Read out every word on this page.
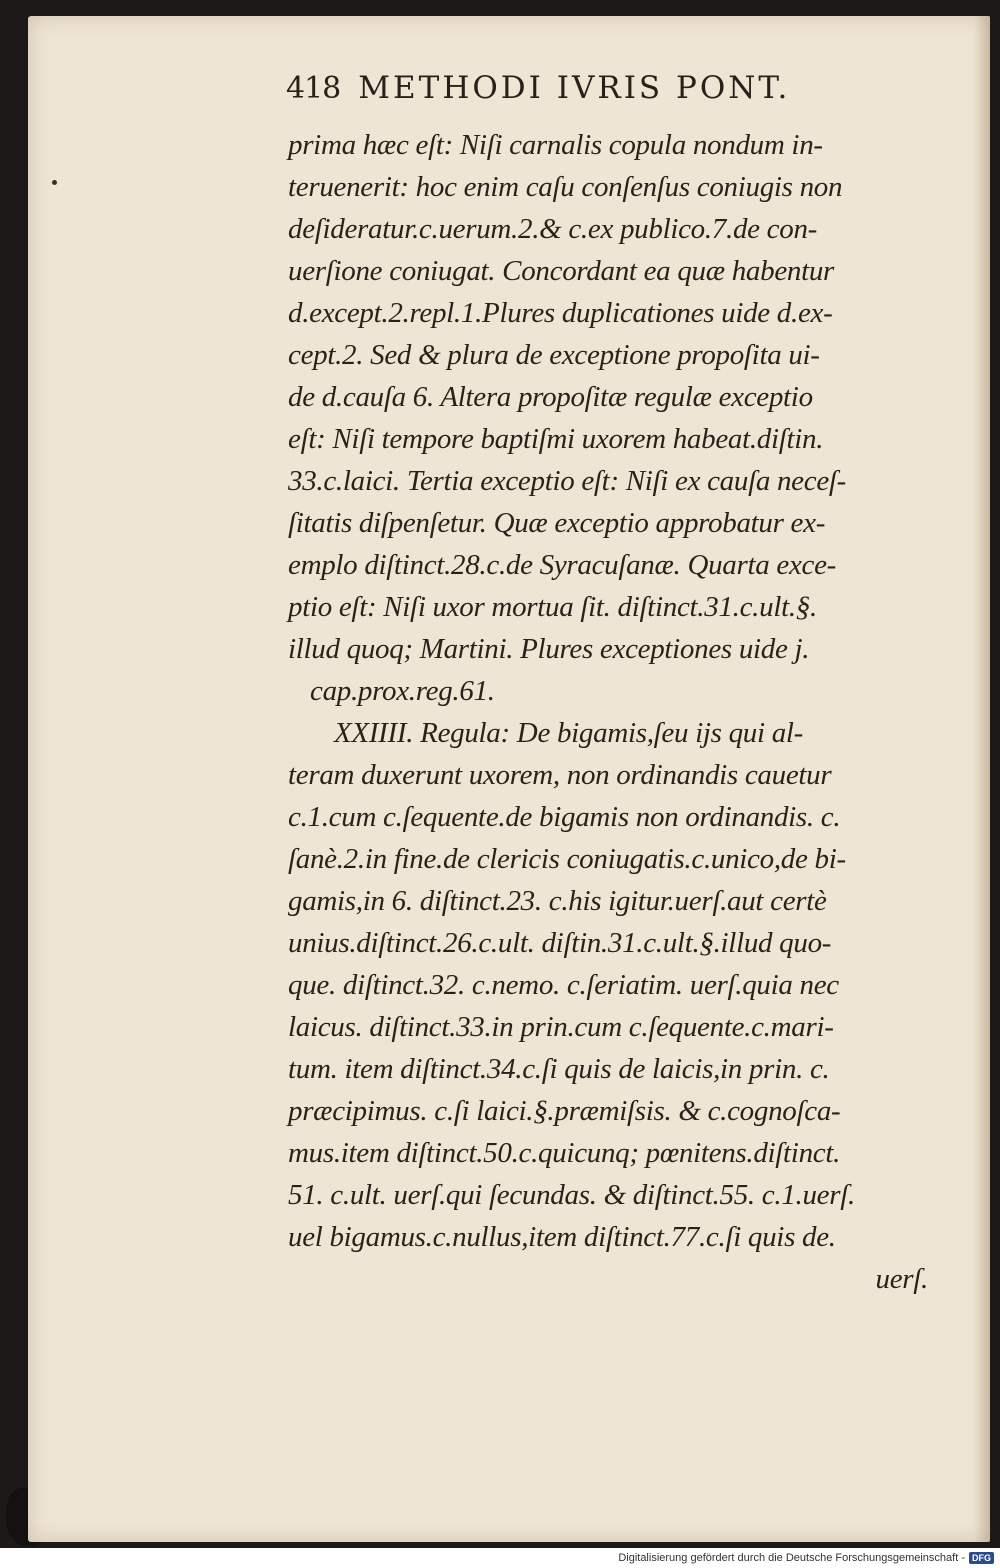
418 METHODI IVRIS PONT.
prima hæc eſt: Niſi carnalis copula nondum in-
teruenerit: hoc enim caſu conſenſus coniugis non
deſideratur.c.uerum.2.& c.ex publico.7.de con-
uerſione coniugat. Concordant ea quæ habentur
d.except.2.repl.1.Plures duplicationes uide d.ex-
cept.2. Sed & plura de exceptione propoſita ui-
de d.cauſa 6. Altera propoſitæ regulæ exceptio
eſt: Niſi tempore baptiſmi uxorem habeat.diſtin.
33.c.laici. Tertia exceptio eſt: Niſi ex cauſa neceſ-
ſitatis diſpenſetur. Quæ exceptio approbatur ex-
emplo diſtinct.28.c.de Syracuſanæ. Quarta exce-
ptio eſt: Niſi uxor mortua ſit. diſtinct.31.c.ult.§.
illud quoq; Martini. Plures exceptiones uide j.
cap.prox.reg.61.
XXIIII. Regula: De bigamis,ſeu ijs qui al-
teram duxerunt uxorem, non ordinandis cauetur
c.1.cum c.ſequente.de bigamis non ordinandis. c.
ſanè.2.in fine.de clericis coniugatis.c.unico,de bi-
gamis,in 6. diſtinct.23. c.his igitur.uerſ.aut certè
unius.diſtinct.26.c.ult. diſtin.31.c.ult.§.illud quo-
que. diſtinct.32. c.nemo. c.ſeriatim. uerſ.quia nec
laicus. diſtinct.33.in prin.cum c.ſequente.c.mari-
tum. item diſtinct.34.c.ſi quis de laicis,in prin. c.
præcipimus. c.ſi laici.§.præmiſsis. & c.cognoſca-
mus.item diſtinct.50.c.quicunq; pœnitens.diſtinct.
51. c.ult. uerſ.qui ſecundas. & diſtinct.55. c.1.uerſ.
uel bigamus.c.nullus,item diſtinct.77.c.ſi quis de.
uerſ.
Digitalisierung gefördert durch die Deutsche Forschungsgemeinschaft - DFG
